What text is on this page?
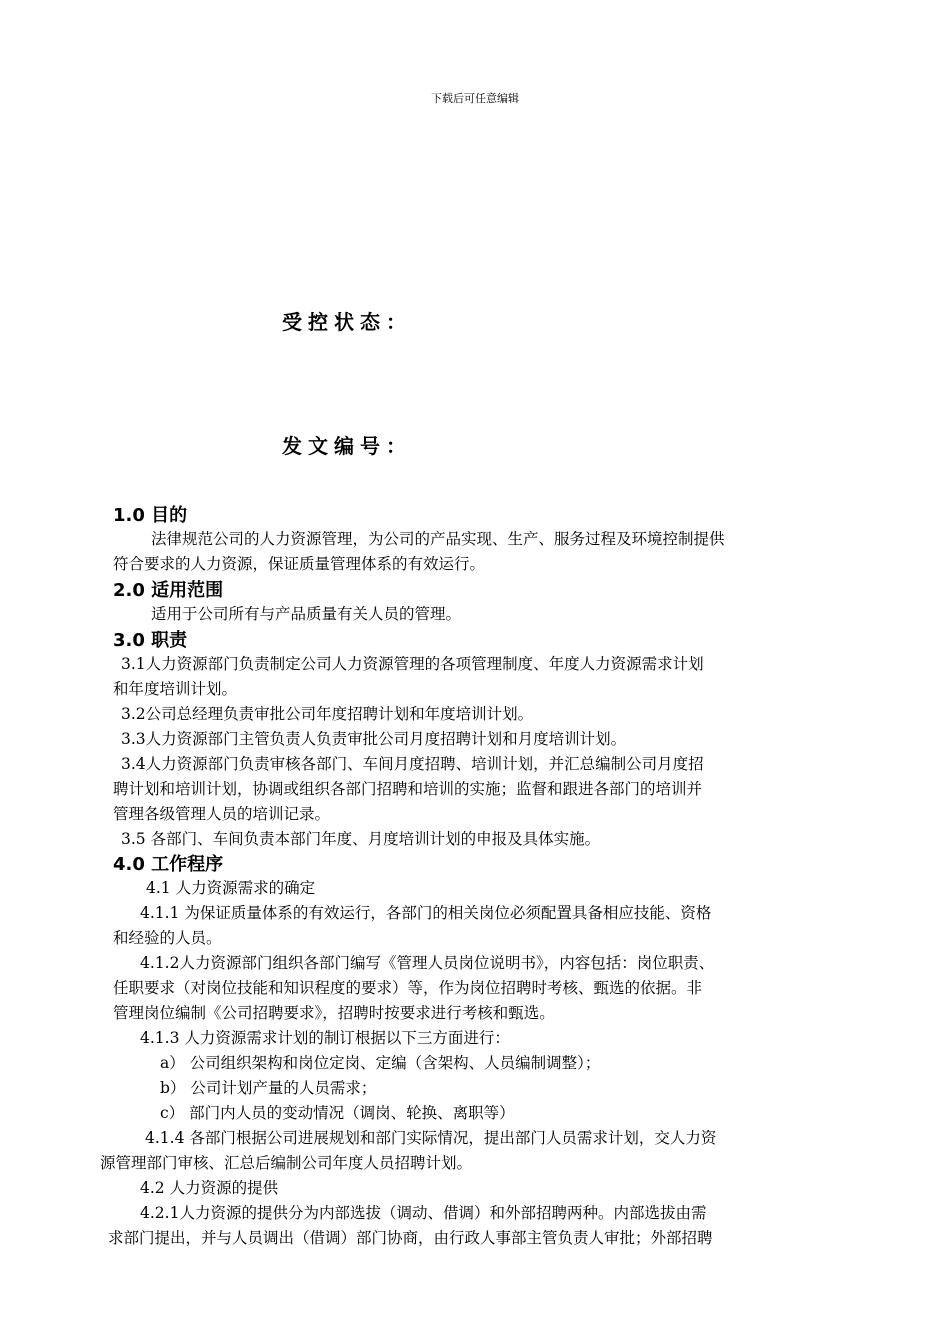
下载后可任意编辑
受控状态：
发文编号：
1.0 目的
法律规范公司的人力资源管理，为公司的产品实现、生产、服务过程及环境控制提供
符合要求的人力资源，保证质量管理体系的有效运行。
2.0 适用范围
适用于公司所有与产品质量有关人员的管理。
3.0 职责
3.1人力资源部门负责制定公司人力资源管理的各项管理制度、年度人力资源需求计划
和年度培训计划。
3.2公司总经理负责审批公司年度招聘计划和年度培训计划。
3.3人力资源部门主管负责人负责审批公司月度招聘计划和月度培训计划。
3.4人力资源部门负责审核各部门、车间月度招聘、培训计划，并汇总编制公司月度招
聘计划和培训计划，协调或组织各部门招聘和培训的实施；监督和跟进各部门的培训并
管理各级管理人员的培训记录。
3.5 各部门、车间负责本部门年度、月度培训计划的申报及具体实施。
4.0 工作程序
4.1 人力资源需求的确定
4.1.1 为保证质量体系的有效运行，各部门的相关岗位必须配置具备相应技能、资格
和经验的人员。
4.1.2人力资源部门组织各部门编写《管理人员岗位说明书》，内容包括：岗位职责、
任职要求（对岗位技能和知识程度的要求）等，作为岗位招聘时考核、甄选的依据。非
管理岗位编制《公司招聘要求》，招聘时按要求进行考核和甄选。
4.1.3 人力资源需求计划的制订根据以下三方面进行：
a） 公司组织架构和岗位定岗、定编（含架构、人员编制调整）；
b） 公司计划产量的人员需求；
c） 部门内人员的变动情况（调岗、轮换、离职等）
4.1.4 各部门根据公司进展规划和部门实际情况，提出部门人员需求计划，交人力资
源管理部门审核、汇总后编制公司年度人员招聘计划。
4.2 人力资源的提供
4.2.1人力资源的提供分为内部选拔（调动、借调）和外部招聘两种。内部选拔由需
求部门提出，并与人员调出（借调）部门协商，由行政人事部主管负责人审批；外部招聘
